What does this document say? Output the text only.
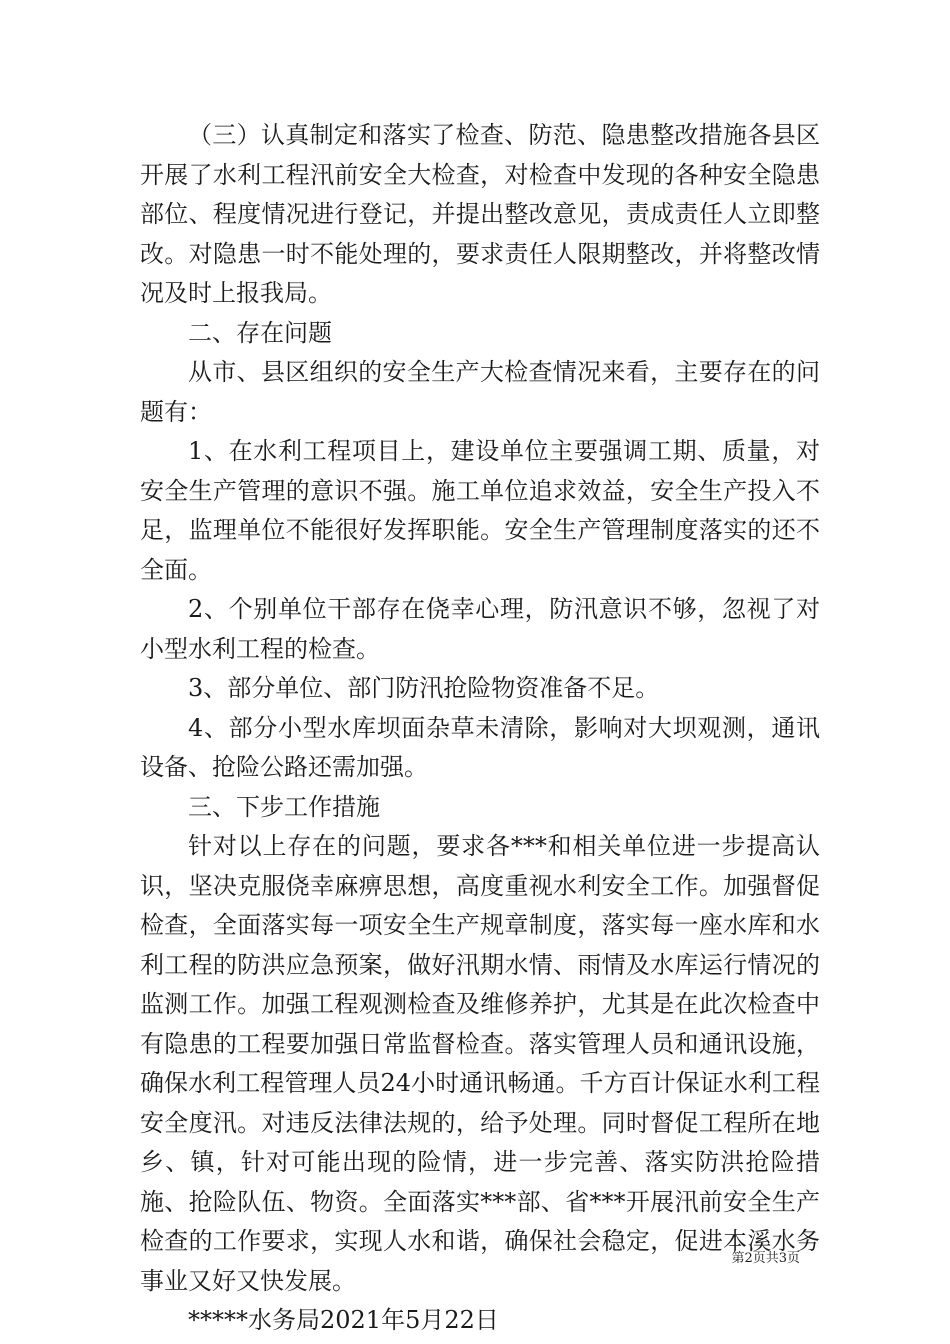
（三）认真制定和落实了检查、防范、隐患整改措施各县区开展了水利工程汛前安全大检查，对检查中发现的各种安全隐患部位、程度情况进行登记，并提出整改意见，责成责任人立即整改。对隐患一时不能处理的，要求责任人限期整改，并将整改情况及时上报我局。

二、存在问题

从市、县区组织的安全生产大检查情况来看，主要存在的问题有：

1、在水利工程项目上，建设单位主要强调工期、质量，对安全生产管理的意识不强。施工单位追求效益，安全生产投入不足，监理单位不能很好发挥职能。安全生产管理制度落实的还不全面。

2、个别单位干部存在侥幸心理，防汛意识不够，忽视了对小型水利工程的检查。

3、部分单位、部门防汛抢险物资准备不足。

4、部分小型水库坝面杂草未清除，影响对大坝观测，通讯设备、抢险公路还需加强。

三、下步工作措施

针对以上存在的问题，要求各***和相关单位进一步提高认识，坚决克服侥幸麻痹思想，高度重视水利安全工作。加强督促检查，全面落实每一项安全生产规章制度，落实每一座水库和水利工程的防洪应急预案，做好汛期水情、雨情及水库运行情况的监测工作。加强工程观测检查及维修养护，尤其是在此次检查中有隐患的工程要加强日常监督检查。落实管理人员和通讯设施，确保水利工程管理人员24小时通讯畅通。千方百计保证水利工程安全度汛。对违反法律法规的，给予处理。同时督促工程所在地乡、镇，针对可能出现的险情，进一步完善、落实防洪抢险措施、抢险队伍、物资。全面落实***部、省***开展汛前安全生产检查的工作要求，实现人水和谐，确保社会稳定，促进本溪水务事业又好又快发展。

*****水务局2021年5月22日

第2页共3页
